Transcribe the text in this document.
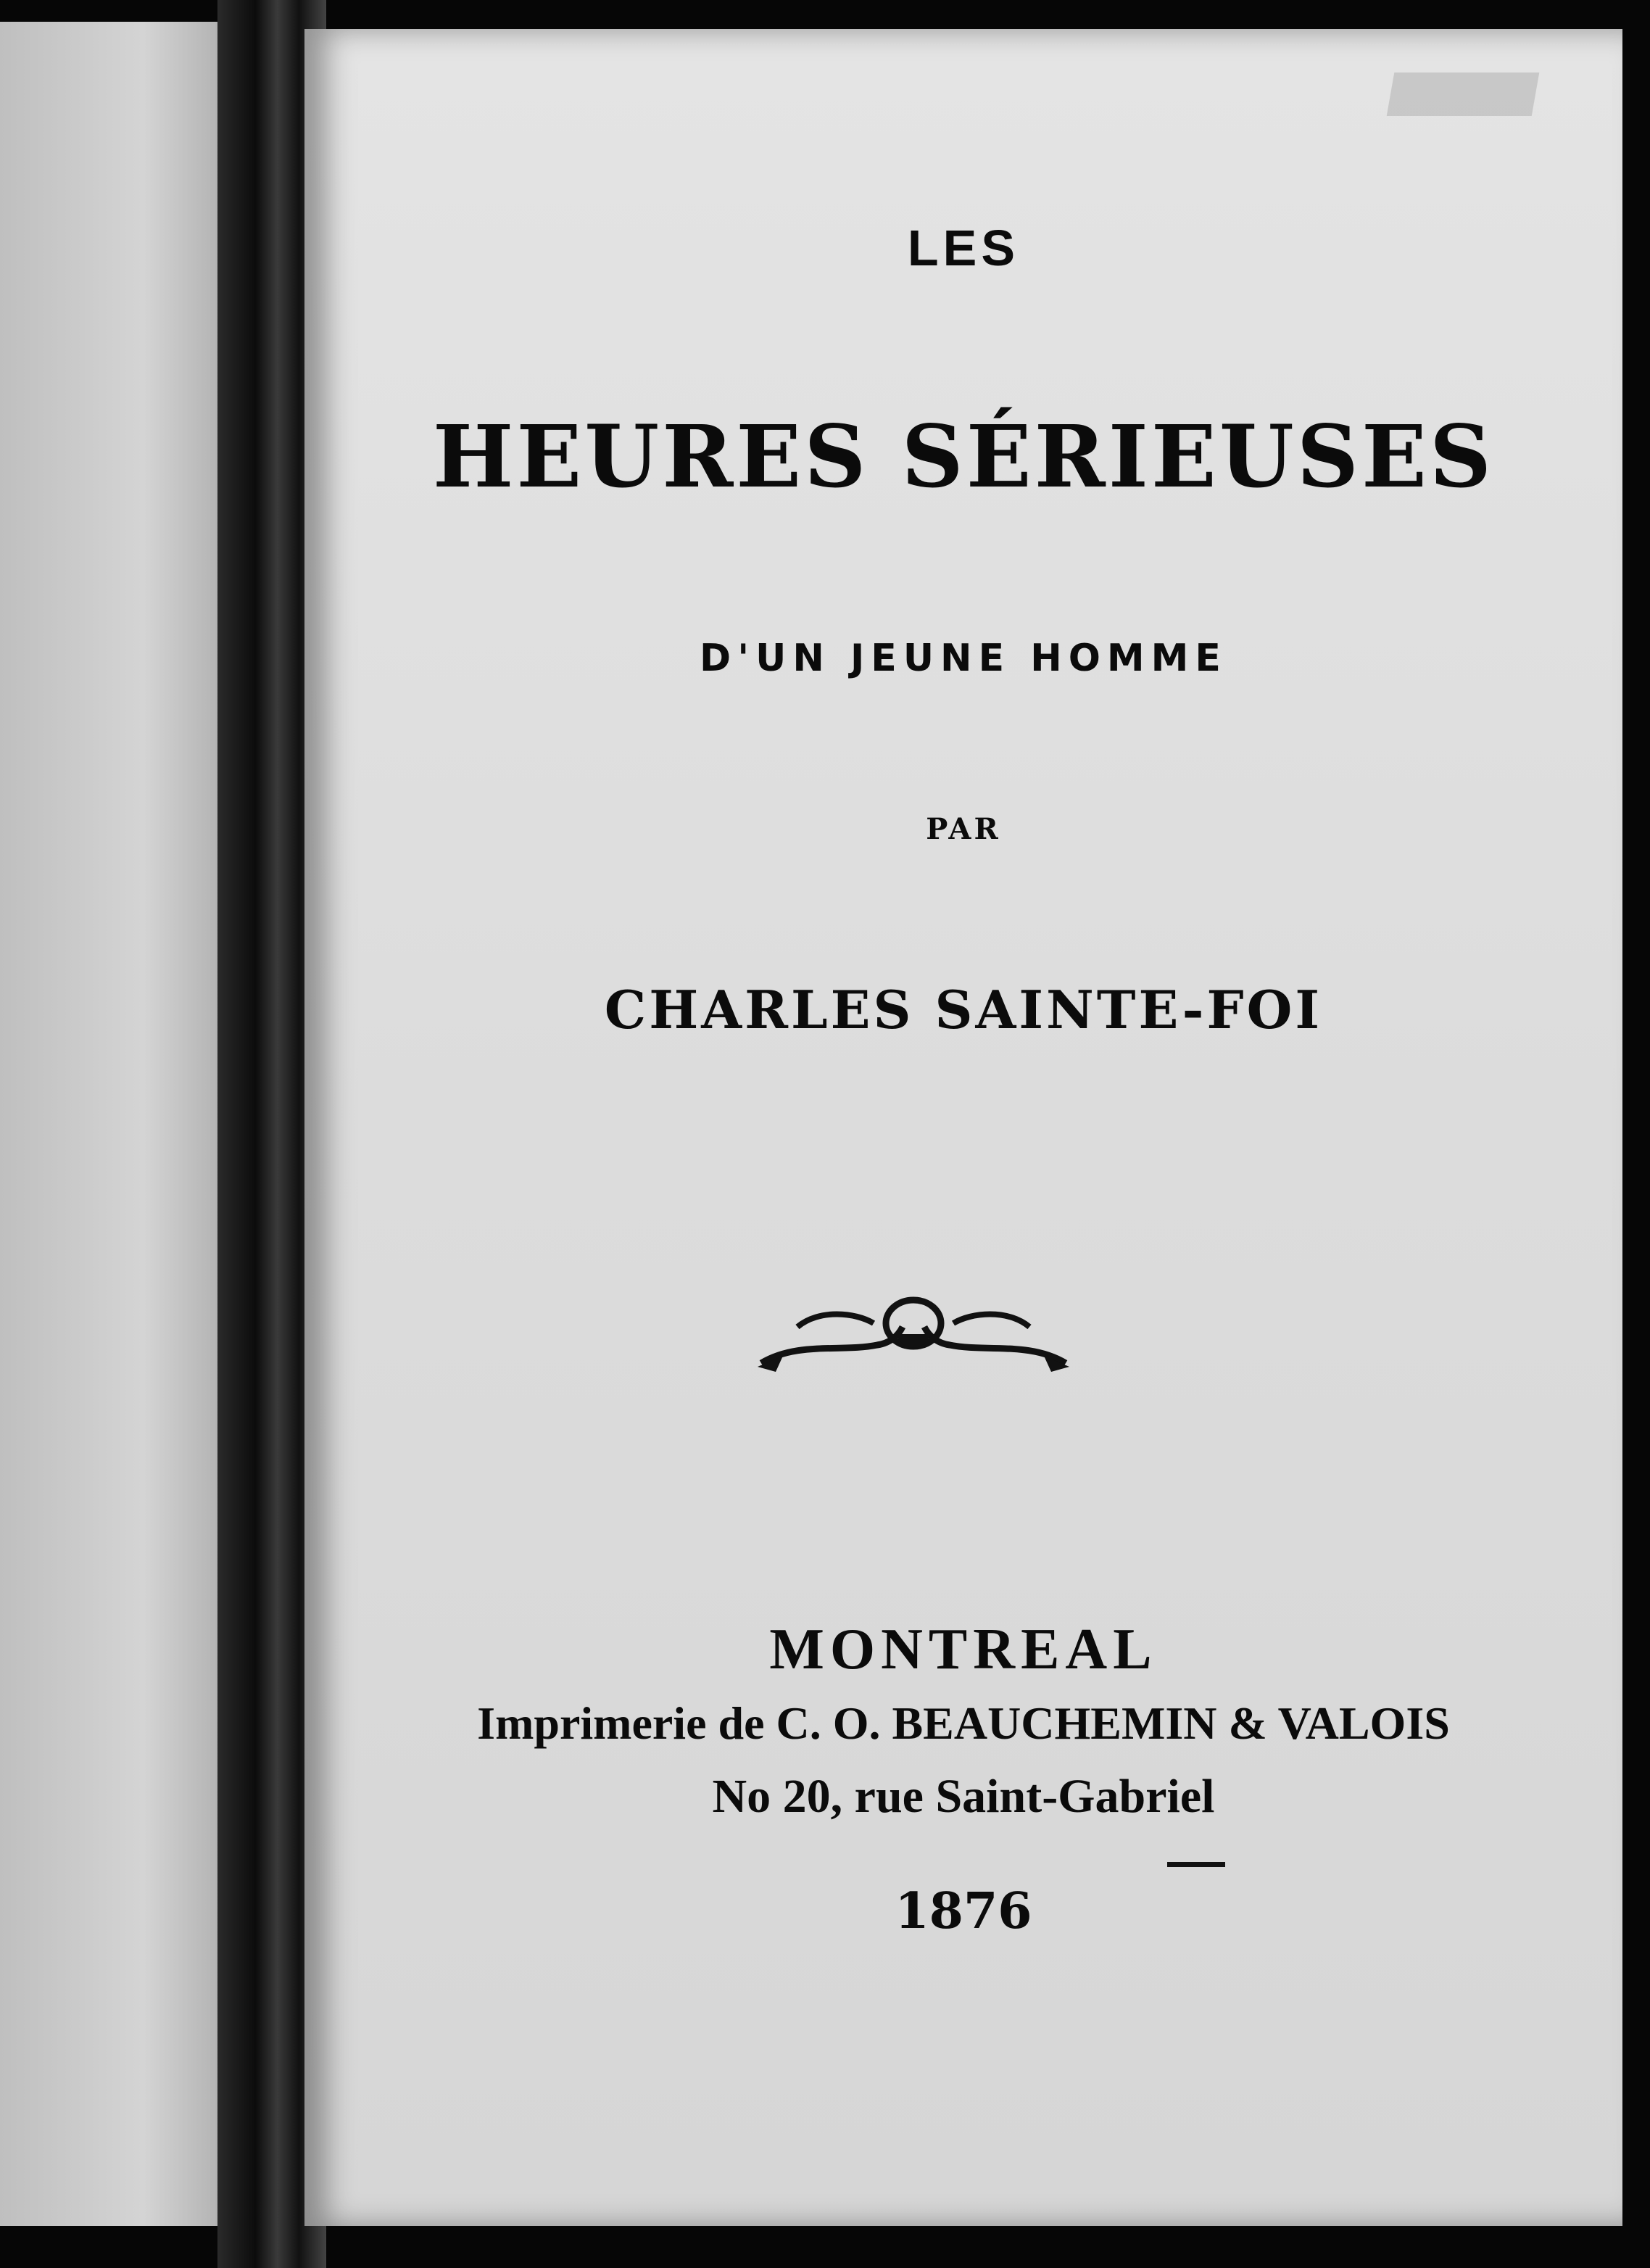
LES
HEURES SÉRIEUSES
D'UN JEUNE HOMME
PAR
CHARLES SAINTE-FOI
MONTREAL
Imprimerie de C. O. BEAUCHEMIN & VALOIS
No 20, rue Saint-Gabriel
1876
